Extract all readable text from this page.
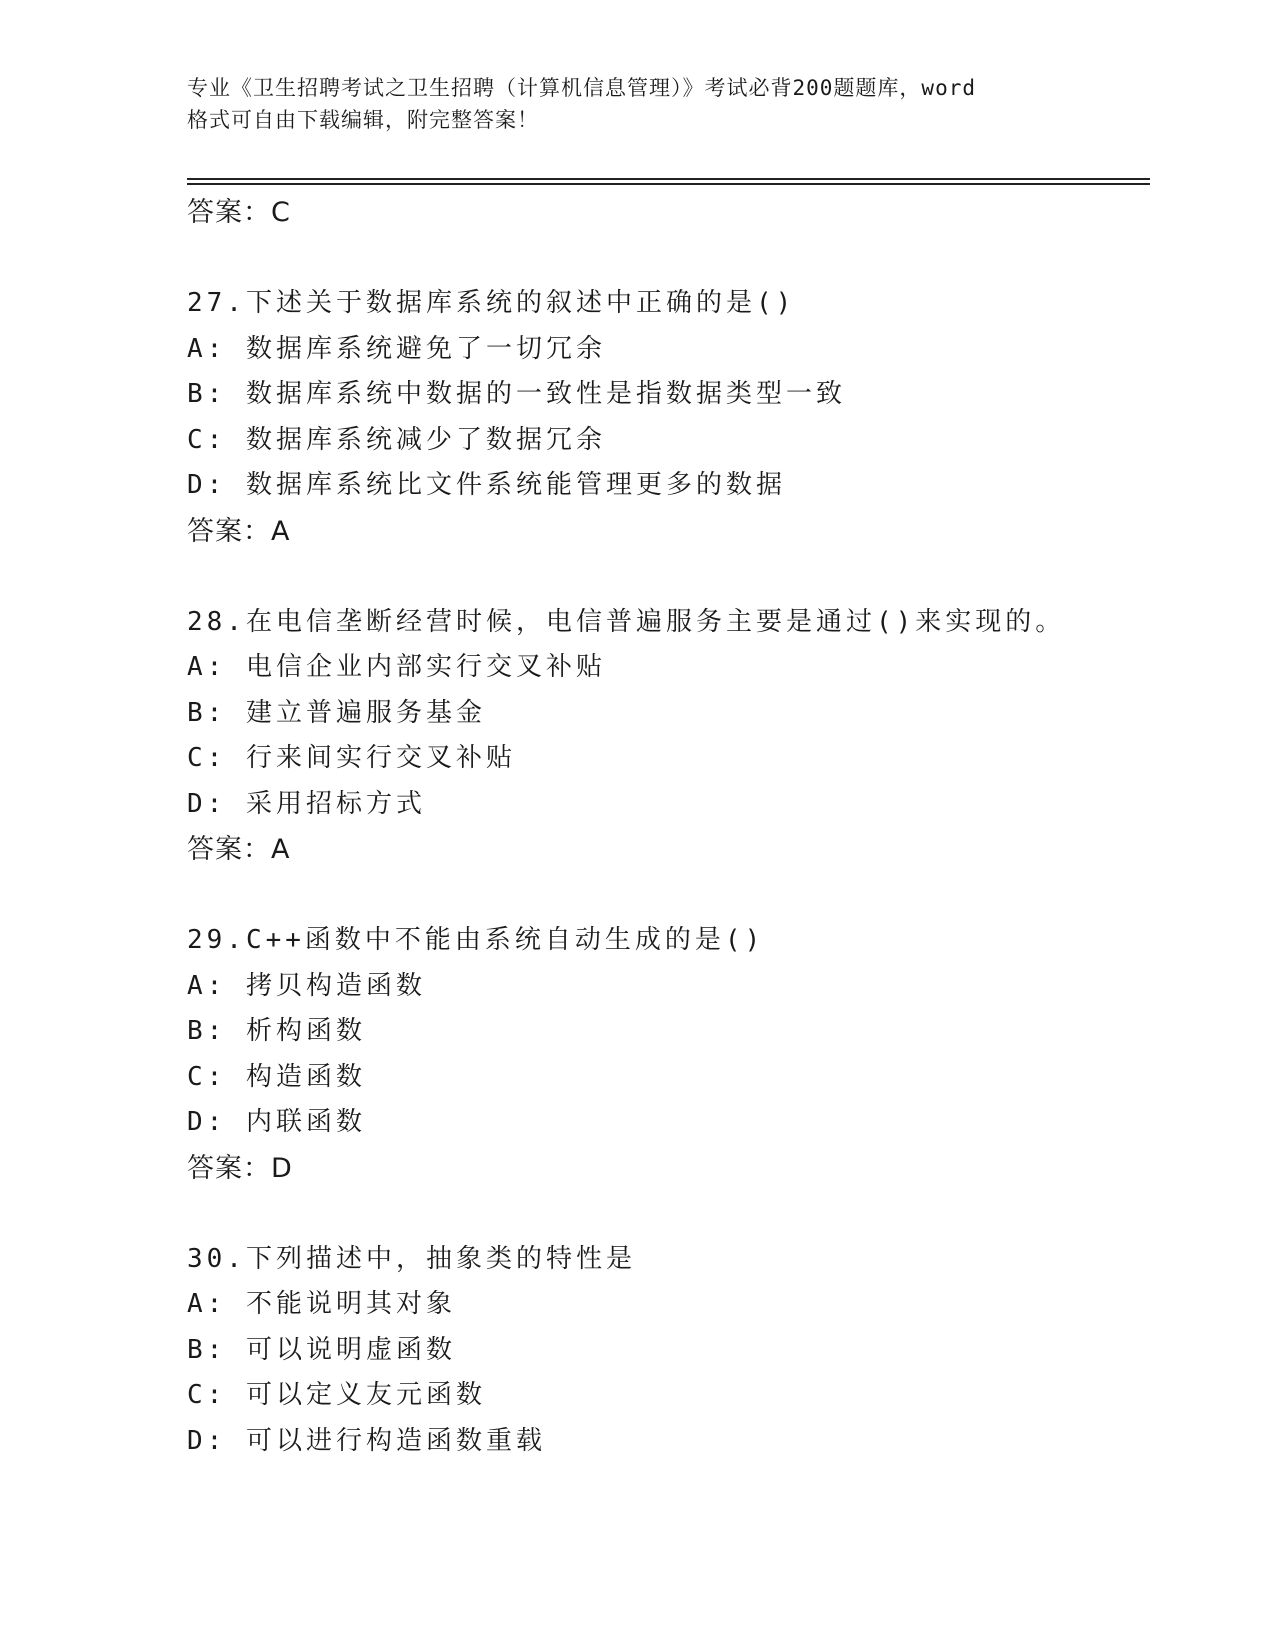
专业《卫生招聘考试之卫生招聘（计算机信息管理）》考试必背200题题库，word
格式可自由下载编辑，附完整答案！
答案：C
27.下述关于数据库系统的叙述中正确的是()
A: 数据库系统避免了一切冗余
B: 数据库系统中数据的一致性是指数据类型一致
C: 数据库系统减少了数据冗余
D: 数据库系统比文件系统能管理更多的数据
答案：A
28.在电信垄断经营时候，电信普遍服务主要是通过()来实现的。
A: 电信企业内部实行交叉补贴
B: 建立普遍服务基金
C: 行来间实行交叉补贴
D: 采用招标方式
答案：A
29.C++函数中不能由系统自动生成的是()
A: 拷贝构造函数
B: 析构函数
C: 构造函数
D: 内联函数
答案：D
30.下列描述中，抽象类的特性是
A: 不能说明其对象
B: 可以说明虚函数
C: 可以定义友元函数
D: 可以进行构造函数重载
